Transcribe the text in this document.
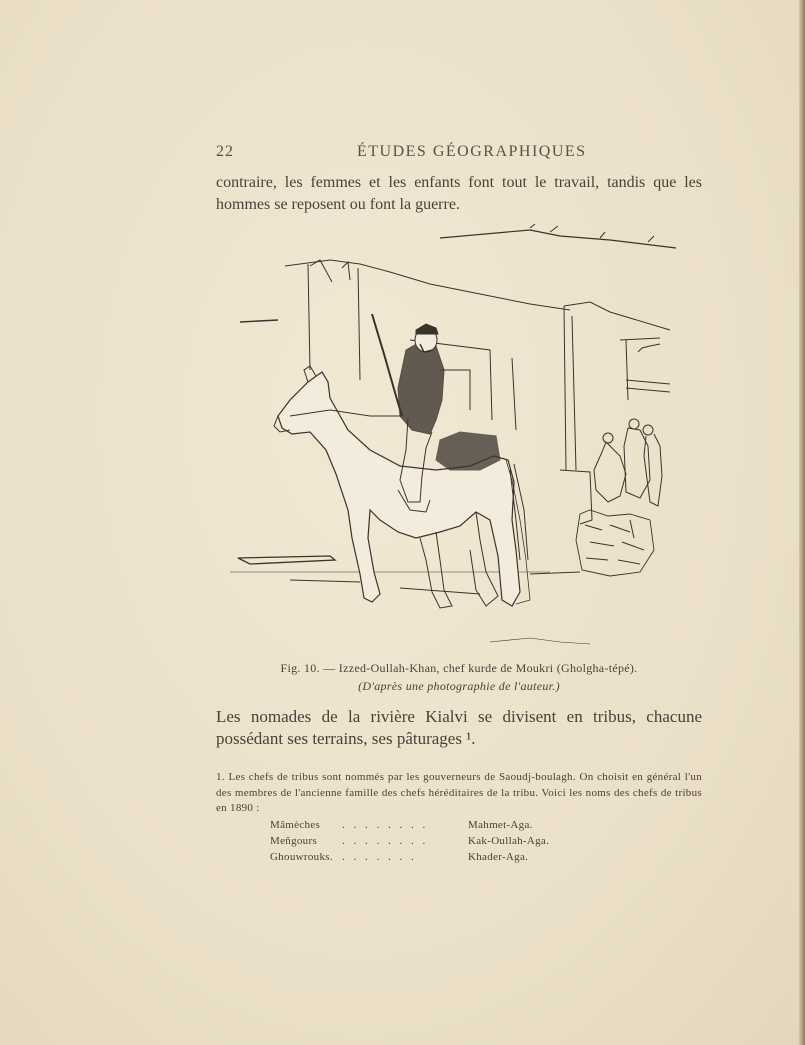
22	ÉTUDES GÉOGRAPHIQUES
contraire, les femmes et les enfants font tout le travail, tandis que les hommes se reposent ou font la guerre.
Fig. 10. — Izzed-Oullah-Khan, chef kurde de Moukri (Gholgha-tépé).
(D'après une photographie de l'auteur.)
Les nomades de la rivière Kialvi se divisent en tribus, chacune possédant ses terrains, ses pâturages ¹.
1. Les chefs de tribus sont nommés par les gouverneurs de Saoudj-boulagh. On choisit en général l'un des membres de l'ancienne famille des chefs héréditaires de la tribu. Voici les noms des chefs de tribus en 1890 :
Mâmèches . . . . . . . .	Mahmet-Aga.
Meñgours . . . . . . . .	Kak-Oullah-Aga.
Ghouwrouks. . . . . . . .	Khader-Aga.
